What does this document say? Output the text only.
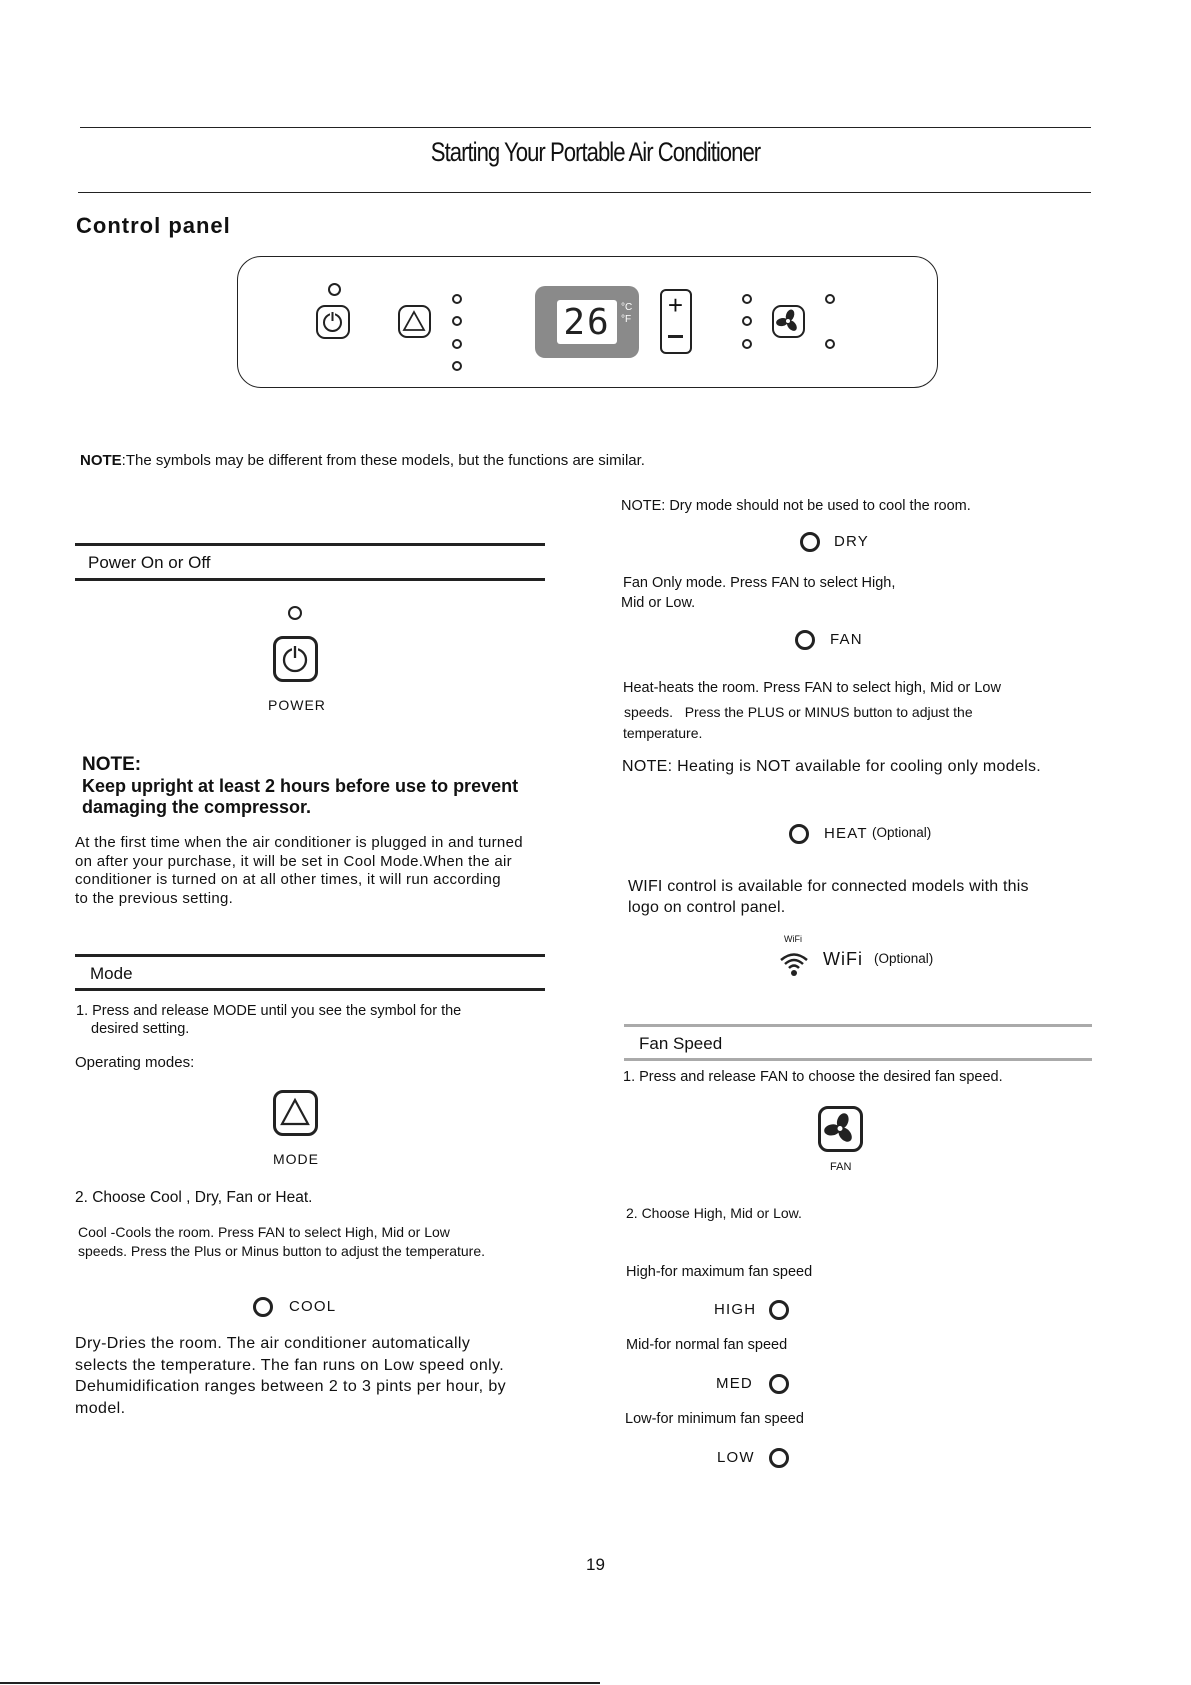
Starting Your Portable Air Conditioner
Control panel
26	°C
°F +
NOTE:The symbols may be different from these models, but the functions are similar.
Power On or Off
POWER
NOTE:
Keep upright at least 2 hours before use to prevent
damaging the compressor.
At the first time when the air conditioner is plugged in and turned
on after your purchase, it will be set in Cool Mode.When the air
conditioner is turned on at all other times, it will run according
to the previous setting.
Mode
1. Press and release MODE until you see the symbol for the
desired setting.
Operating modes:
MODE
2. Choose Cool , Dry, Fan or Heat.
Cool -Cools the room. Press FAN to select High, Mid or Low
speeds. Press the Plus or Minus button to adjust the temperature.
COOL
Dry-Dries the room. The air conditioner automatically
selects the temperature. The fan runs on Low speed only.
Dehumidification ranges between 2 to 3 pints per hour, by
model.
NOTE: Dry mode should not be used to cool the room.
DRY
Fan Only mode. Press FAN to select High,
Mid or Low.
FAN
Heat-heats the room. Press FAN to select high, Mid or Low
speeds.   Press the PLUS or MINUS button to adjust the
temperature.
NOTE: Heating is NOT available for cooling only models.
HEAT (Optional)
WIFI control is available for connected models with this
logo on control panel.
WiFi
WiFi (Optional)
Fan Speed
1. Press and release FAN to choose the desired fan speed.
FAN
2. Choose High, Mid or Low.
High-for maximum fan speed
HIGH
Mid-for normal fan speed
MED
Low-for minimum fan speed
LOW
19
